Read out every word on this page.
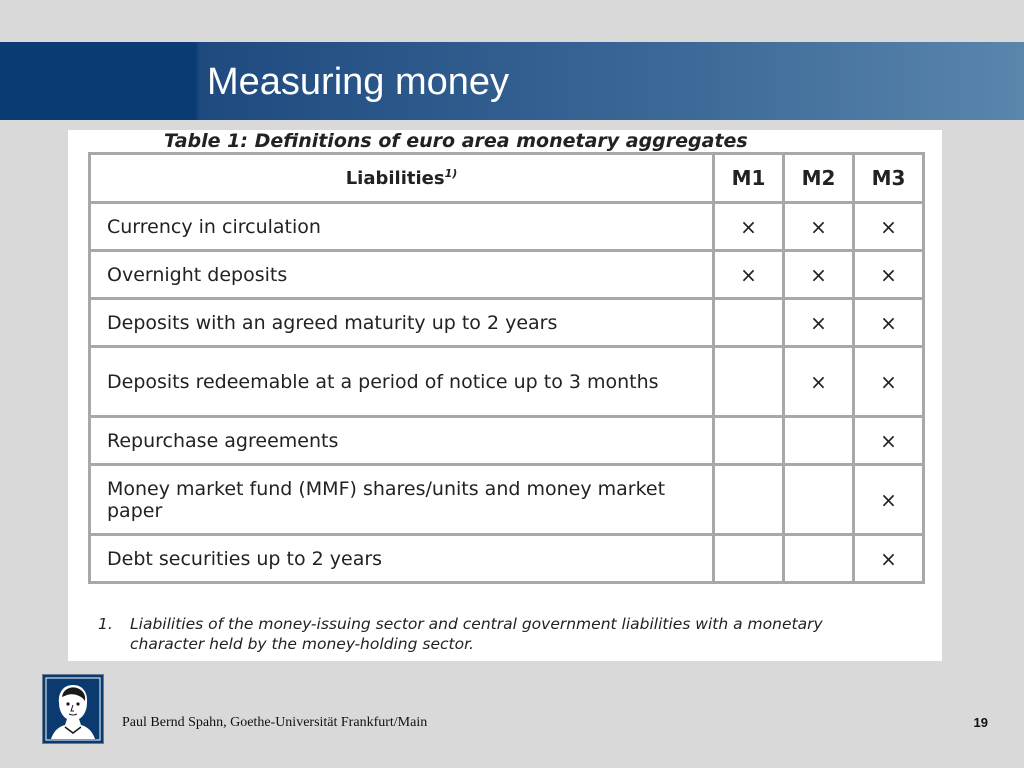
Measuring money
Table 1: Definitions of euro area monetary aggregates
Liabilities$^{1)}$	M1	M2	M3
Currency in circulation	×	×	×
Overnight deposits	×	×	×
Deposits with an agreed maturity up to 2 years		×	×
Deposits redeemable at a period of notice up to 3 months		×	×
Repurchase agreements			×
Money market fund (MMF) shares/units and money market paper			×
Debt securities up to 2 years			×
1. Liabilities of the money-issuing sector and central government liabilities with a monetary character held by the money-holding sector.
Paul Bernd Spahn, Goethe-Universität Frankfurt/Main	19
